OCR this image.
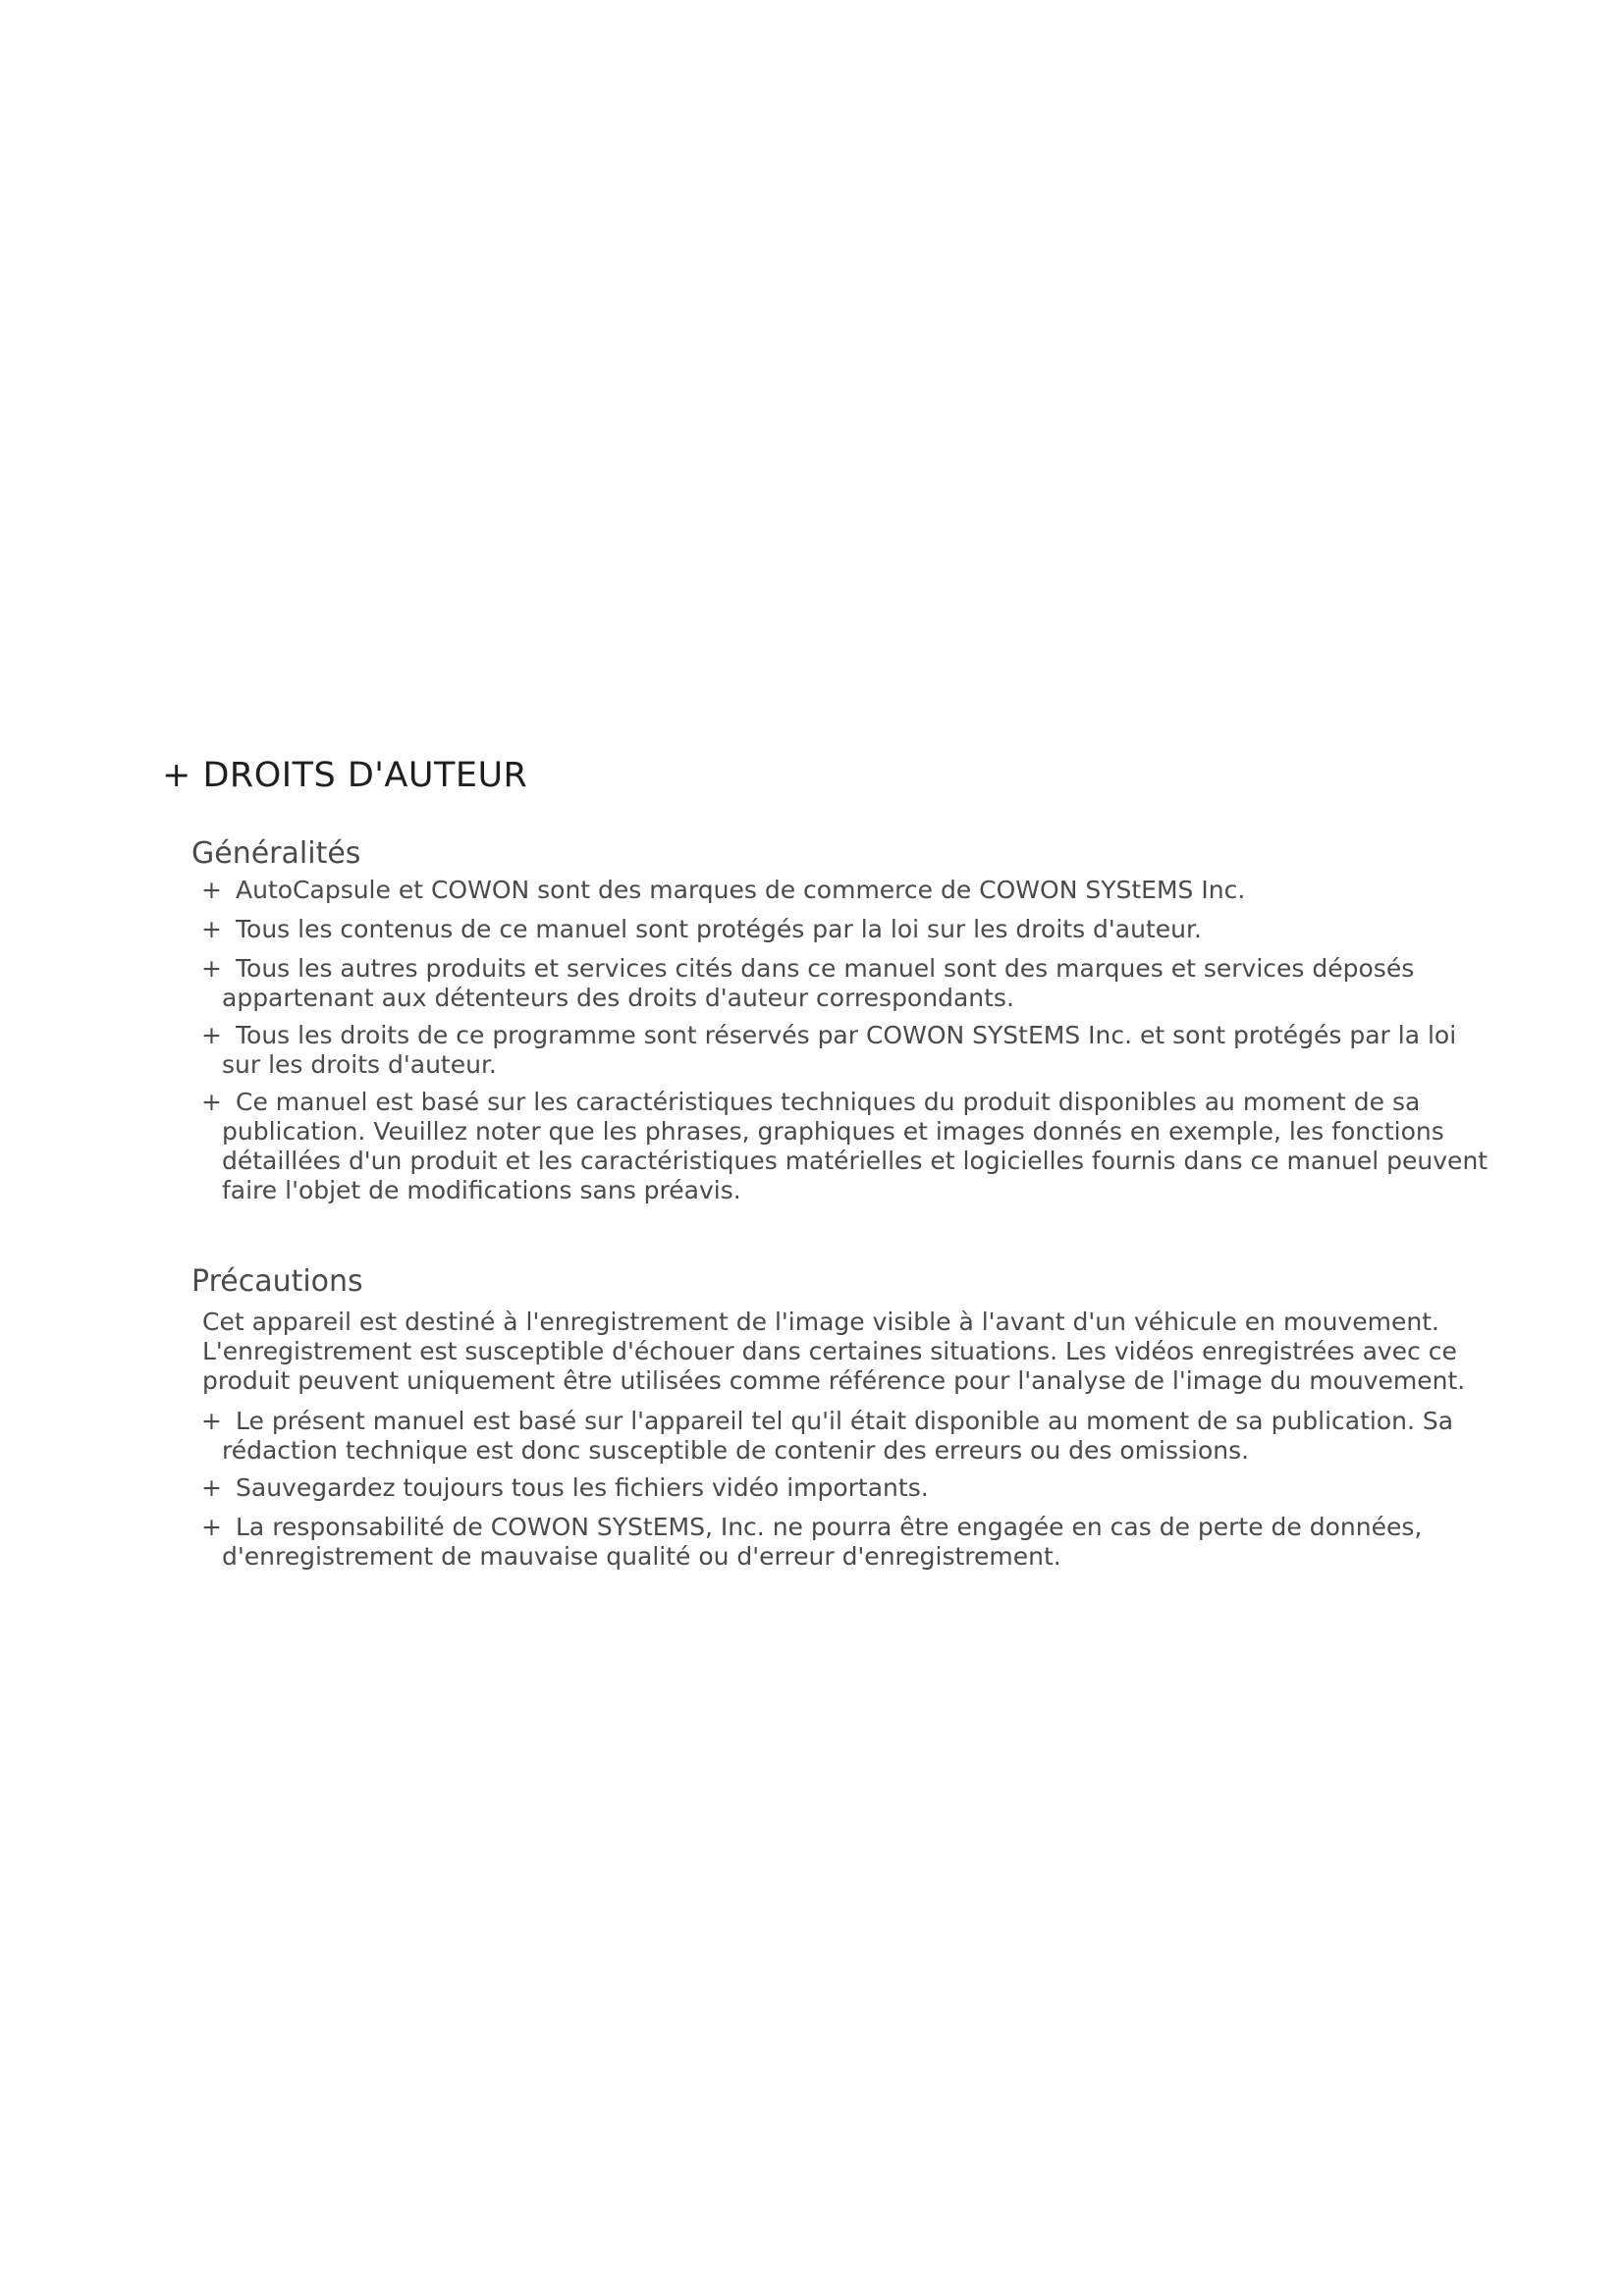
+ DROITS D'AUTEUR
Généralités
+ AutoCapsule et COWON sont des marques de commerce de COWON SYStEMS Inc.
+ Tous les contenus de ce manuel sont protégés par la loi sur les droits d'auteur.
+ Tous les autres produits et services cités dans ce manuel sont des marques et services déposés appartenant aux détenteurs des droits d'auteur correspondants.
+ Tous les droits de ce programme sont réservés par COWON SYStEMS Inc. et sont protégés par la loi sur les droits d'auteur.
+ Ce manuel est basé sur les caractéristiques techniques du produit disponibles au moment de sa publication. Veuillez noter que les phrases, graphiques et images donnés en exemple, les fonctions détaillées d'un produit et les caractéristiques matérielles et logicielles fournis dans ce manuel peuvent faire l'objet de modifications sans préavis.
Précautions
Cet appareil est destiné à l'enregistrement de l'image visible à l'avant d'un véhicule en mouvement. L'enregistrement est susceptible d'échouer dans certaines situations. Les vidéos enregistrées avec ce produit peuvent uniquement être utilisées comme référence pour l'analyse de l'image du mouvement.
+ Le présent manuel est basé sur l'appareil tel qu'il était disponible au moment de sa publication. Sa rédaction technique est donc susceptible de contenir des erreurs ou des omissions.
+ Sauvegardez toujours tous les fichiers vidéo importants.
+ La responsabilité de COWON SYStEMS, Inc. ne pourra être engagée en cas de perte de données, d'enregistrement de mauvaise qualité ou d'erreur d'enregistrement.
